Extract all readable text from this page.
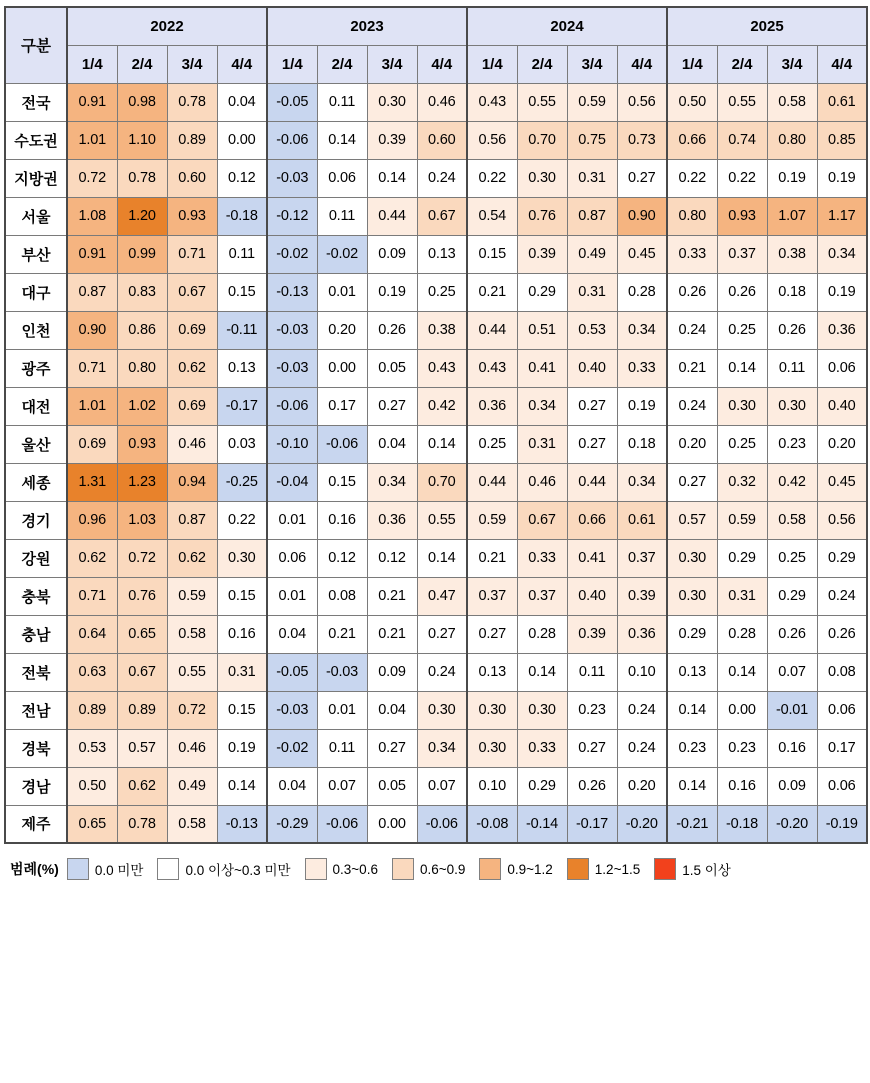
구분	2022				2023				2024				2025			
	1/4	2/4	3/4	4/4	1/4	2/4	3/4	4/4	1/4	2/4	3/4	4/4	1/4	2/4	3/4	4/4
전국	0.91	0.98	0.78	0.04	-0.05	0.11	0.30	0.46	0.43	0.55	0.59	0.56	0.50	0.55	0.58	0.61
수도권	1.01	1.10	0.89	0.00	-0.06	0.14	0.39	0.60	0.56	0.70	0.75	0.73	0.66	0.74	0.80	0.85
지방권	0.72	0.78	0.60	0.12	-0.03	0.06	0.14	0.24	0.22	0.30	0.31	0.27	0.22	0.22	0.19	0.19
서울	1.08	1.20	0.93	-0.18	-0.12	0.11	0.44	0.67	0.54	0.76	0.87	0.90	0.80	0.93	1.07	1.17
부산	0.91	0.99	0.71	0.11	-0.02	-0.02	0.09	0.13	0.15	0.39	0.49	0.45	0.33	0.37	0.38	0.34
대구	0.87	0.83	0.67	0.15	-0.13	0.01	0.19	0.25	0.21	0.29	0.31	0.28	0.26	0.26	0.18	0.19
인천	0.90	0.86	0.69	-0.11	-0.03	0.20	0.26	0.38	0.44	0.51	0.53	0.34	0.24	0.25	0.26	0.36
광주	0.71	0.80	0.62	0.13	-0.03	0.00	0.05	0.43	0.43	0.41	0.40	0.33	0.21	0.14	0.11	0.06
대전	1.01	1.02	0.69	-0.17	-0.06	0.17	0.27	0.42	0.36	0.34	0.27	0.19	0.24	0.30	0.30	0.40
울산	0.69	0.93	0.46	0.03	-0.10	-0.06	0.04	0.14	0.25	0.31	0.27	0.18	0.20	0.25	0.23	0.20
세종	1.31	1.23	0.94	-0.25	-0.04	0.15	0.34	0.70	0.44	0.46	0.44	0.34	0.27	0.32	0.42	0.45
경기	0.96	1.03	0.87	0.22	0.01	0.16	0.36	0.55	0.59	0.67	0.66	0.61	0.57	0.59	0.58	0.56
강원	0.62	0.72	0.62	0.30	0.06	0.12	0.12	0.14	0.21	0.33	0.41	0.37	0.30	0.29	0.25	0.29
충북	0.71	0.76	0.59	0.15	0.01	0.08	0.21	0.47	0.37	0.37	0.40	0.39	0.30	0.31	0.29	0.24
충남	0.64	0.65	0.58	0.16	0.04	0.21	0.21	0.27	0.27	0.28	0.39	0.36	0.29	0.28	0.26	0.26
전북	0.63	0.67	0.55	0.31	-0.05	-0.03	0.09	0.24	0.13	0.14	0.11	0.10	0.13	0.14	0.07	0.08
전남	0.89	0.89	0.72	0.15	-0.03	0.01	0.04	0.30	0.30	0.30	0.23	0.24	0.14	0.00	-0.01	0.06
경북	0.53	0.57	0.46	0.19	-0.02	0.11	0.27	0.34	0.30	0.33	0.27	0.24	0.23	0.23	0.16	0.17
경남	0.50	0.62	0.49	0.14	0.04	0.07	0.05	0.07	0.10	0.29	0.26	0.20	0.14	0.16	0.09	0.06
제주	0.65	0.78	0.58	-0.13	-0.29	-0.06	0.00	-0.06	-0.08	-0.14	-0.17	-0.20	-0.21	-0.18	-0.20	-0.19
범례(%)	0.0 미만	0.0 이상~0.3 미만	0.3~0.6	0.6~0.9	0.9~1.2	1.2~1.5	1.5 이상
